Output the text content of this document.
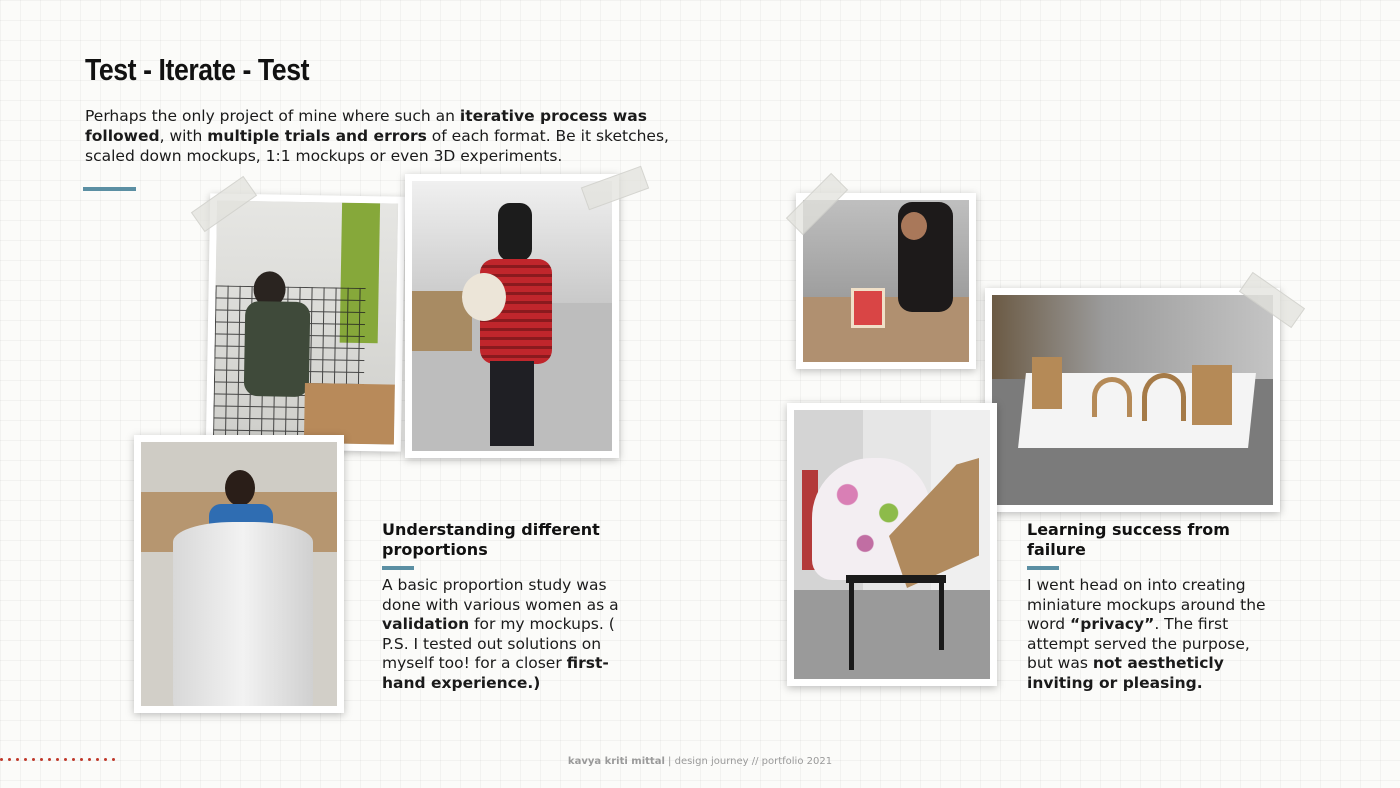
Test - Iterate - Test

Perhaps the only project of mine where such an iterative process was followed, with multiple trials and errors of each format. Be it sketches, scaled down mockups, 1:1 mockups or even 3D experiments.

Understanding different proportions

A basic proportion study was done with various women as a validation for my mockups. ( P.S. I tested out solutions on myself too! for a closer first-hand experience.)

Learning success from failure

I went head on into creating miniature mockups around the word “privacy”. The first attempt served the purpose, but was not aestheticly inviting or pleasing.

kavya kriti mittal | design journey // portfolio 2021
